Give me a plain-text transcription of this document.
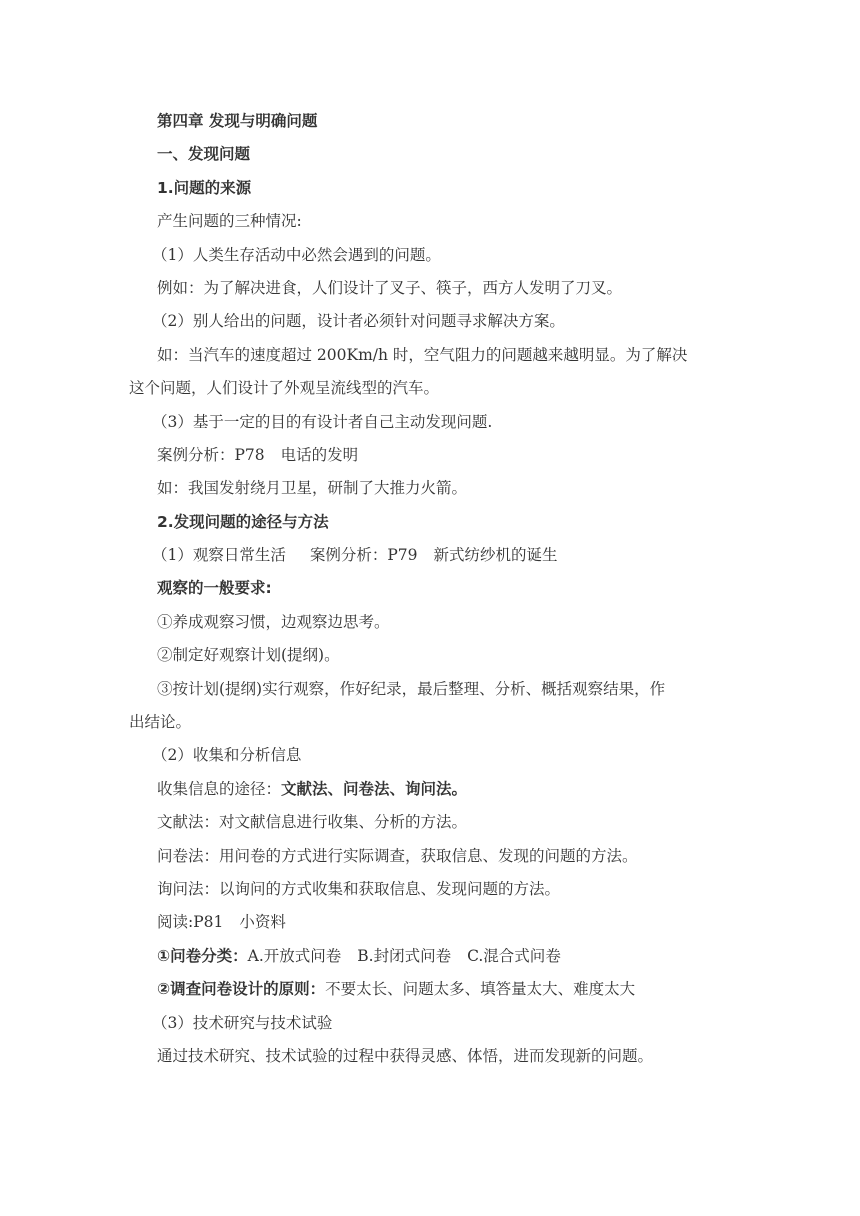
第四章 发现与明确问题

一、发现问题

1.问题的来源

产生问题的三种情况:

（1）人类生存活动中必然会遇到的问题。

例如：为了解决进食，人们设计了叉子、筷子，西方人发明了刀叉。

（2）别人给出的问题，设计者必须针对问题寻求解决方案。

如：当汽车的速度超过 200Km/h 时，空气阻力的问题越来越明显。为了解决

这个问题，人们设计了外观呈流线型的汽车。

（3）基于一定的目的有设计者自己主动发现问题.

案例分析：P78 电话的发明

如：我国发射绕月卫星，研制了大推力火箭。

2.发现问题的途径与方法

（1）观察日常生活 案例分析：P79 新式纺纱机的诞生

观察的一般要求:

①养成观察习惯，边观察边思考。

②制定好观察计划(提纲)。

③按计划(提纲)实行观察，作好纪录，最后整理、分析、概括观察结果，作

出结论。

（2）收集和分析信息

收集信息的途径：文献法、问卷法、询问法。

文献法：对文献信息进行收集、分析的方法。

问卷法：用问卷的方式进行实际调查，获取信息、发现的问题的方法。

询问法：以询问的方式收集和获取信息、发现问题的方法。

阅读:P81 小资料

①问卷分类：A.开放式问卷 B.封闭式问卷 C.混合式问卷

②调查问卷设计的原则：不要太长、问题太多、填答量太大、难度太大

（3）技术研究与技术试验

通过技术研究、技术试验的过程中获得灵感、体悟，进而发现新的问题。
